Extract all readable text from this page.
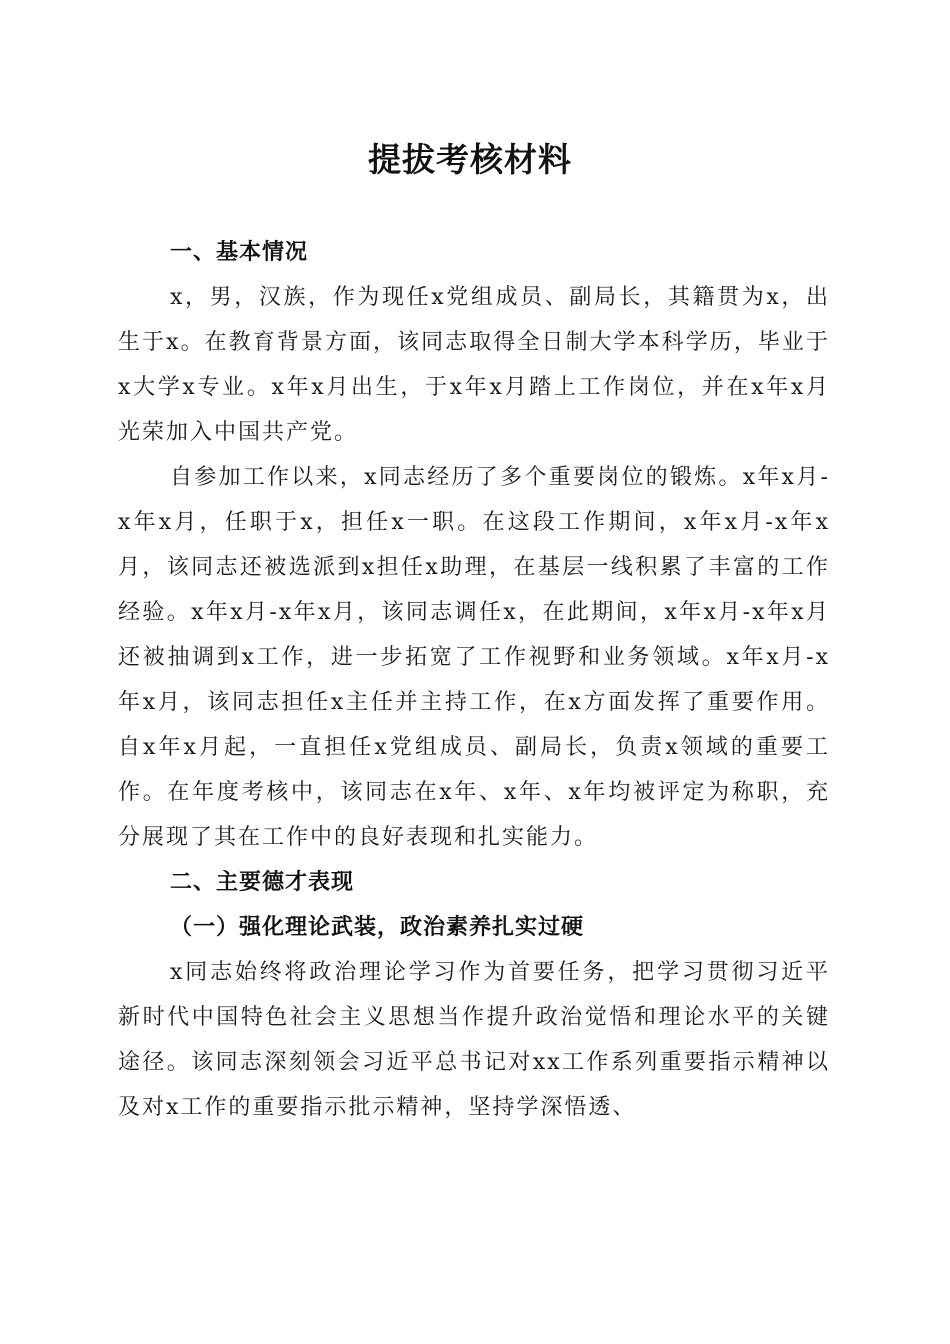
提拔考核材料
一、基本情况

x，男，汉族，作为现任x党组成员、副局长，其籍贯为x，出生于x。在教育背景方面，该同志取得全日制大学本科学历，毕业于x大学x专业。x年x月出生，于x年x月踏上工作岗位，并在x年x月光荣加入中国共产党。

自参加工作以来，x同志经历了多个重要岗位的锻炼。x年x月-x年x月，任职于x，担任x一职。在这段工作期间，x年x月-x年x月，该同志还被选派到x担任x助理，在基层一线积累了丰富的工作经验。x年x月-x年x月，该同志调任x，在此期间，x年x月-x年x月还被抽调到x工作，进一步拓宽了工作视野和业务领域。x年x月-x年x月，该同志担任x主任并主持工作，在x方面发挥了重要作用。自x年x月起，一直担任x党组成员、副局长，负责x领域的重要工作。在年度考核中，该同志在x年、x年、x年均被评定为称职，充分展现了其在工作中的良好表现和扎实能力。

二、主要德才表现
（一）强化理论武装，政治素养扎实过硬

x同志始终将政治理论学习作为首要任务，把学习贯彻习近平新时代中国特色社会主义思想当作提升政治觉悟和理论水平的关键途径。该同志深刻领会习近平总书记对xx工作系列重要指示精神以及对x工作的重要指示批示精神，坚持学深悟透、
